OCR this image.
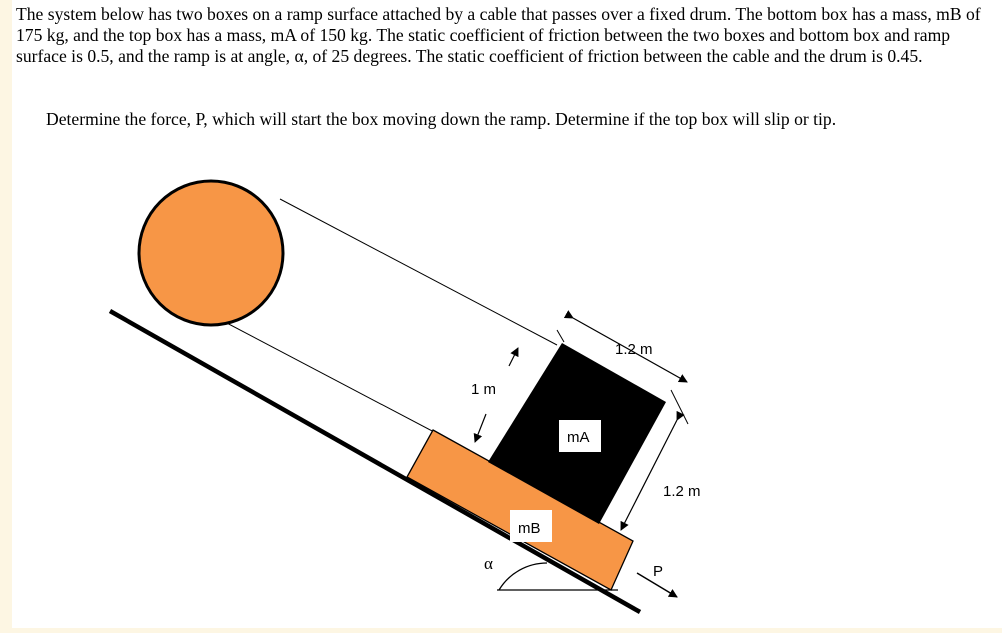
The system below has two boxes on a ramp surface attached by a cable that passes over a fixed drum. The bottom box has a mass, mB of 175 kg, and the top box has a mass, mA of 150 kg. The static coefficient of friction between the two boxes and bottom box and ramp surface is 0.5, and the ramp is at angle, α, of 25 degrees. The static coefficient of friction between the cable and the drum is 0.45.

Determine the force, P, which will start the box moving down the ramp. Determine if the top box will slip or tip.

1.2 m
1.2 m
1 m
mA
mB
α	P
